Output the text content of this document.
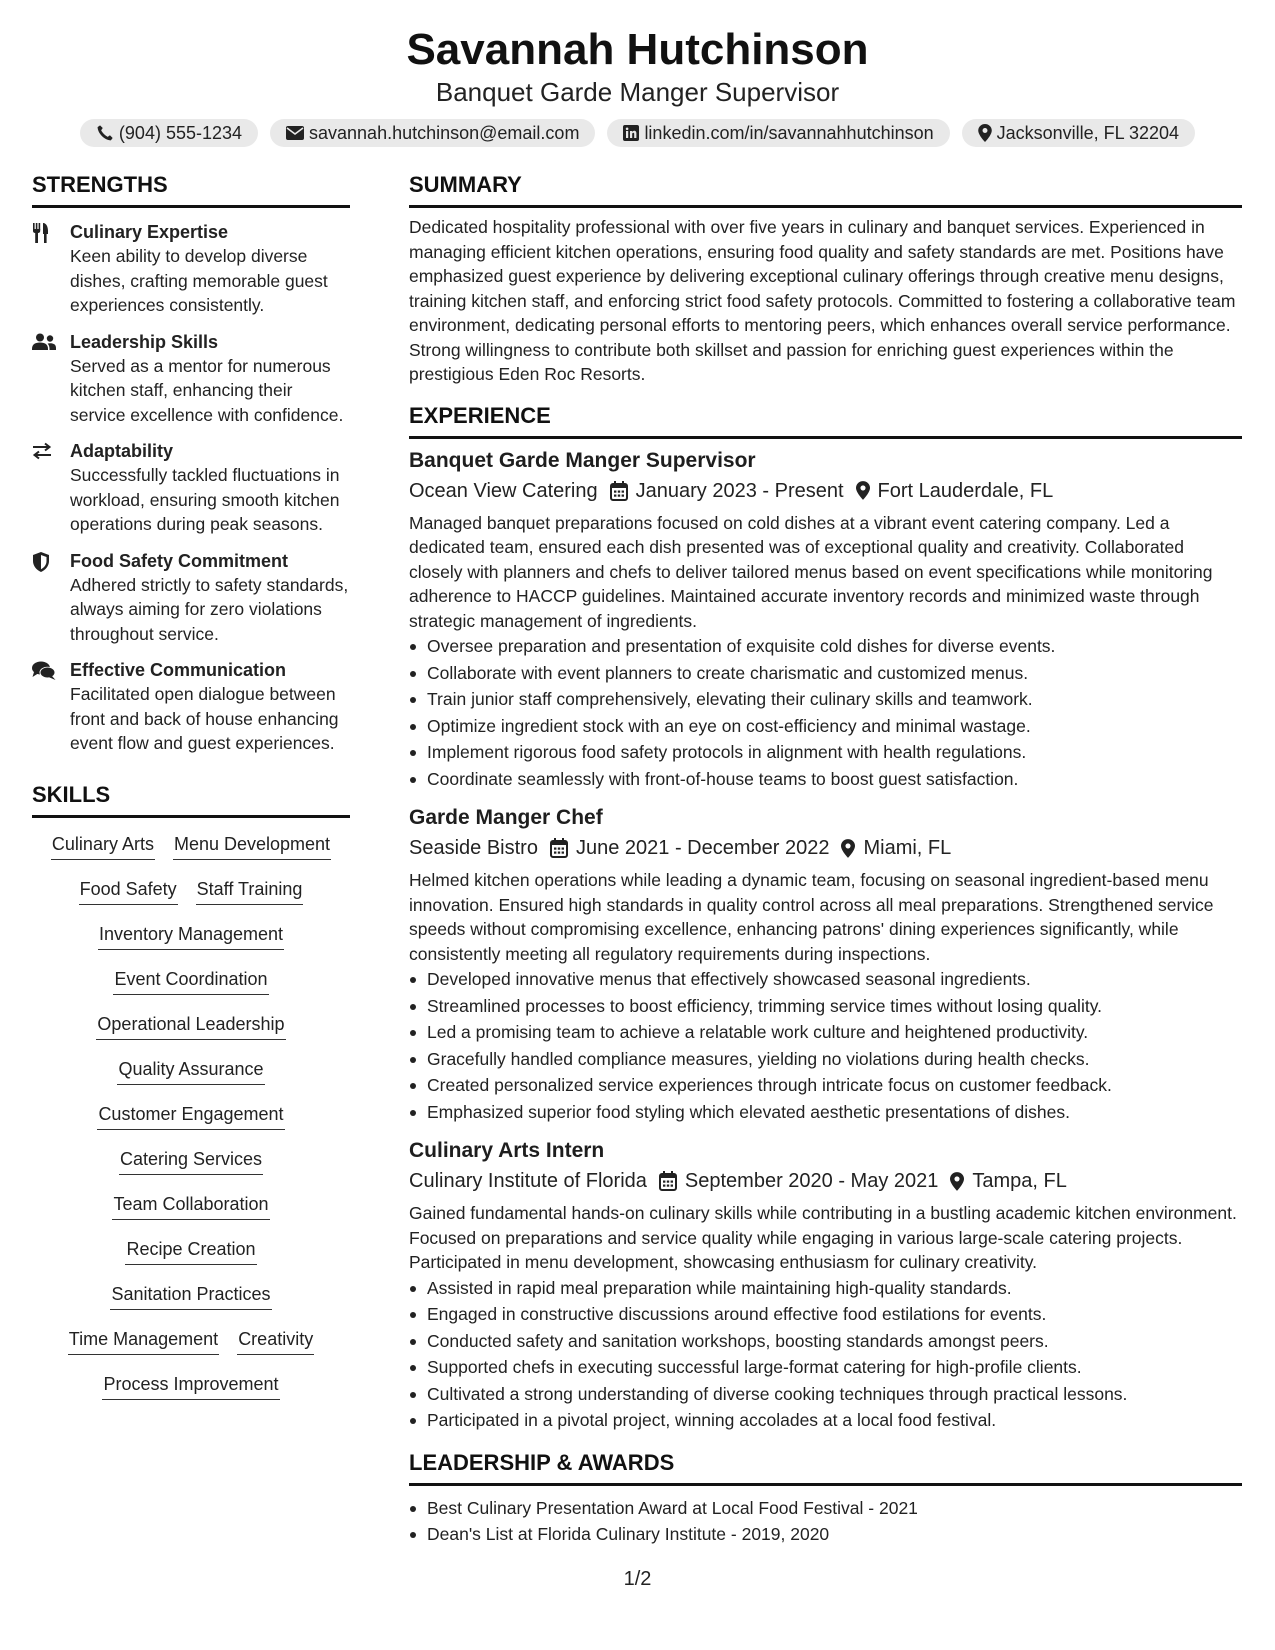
Savannah Hutchinson
Banquet Garde Manger Supervisor
(904) 555-1234	savannah.hutchinson@email.com	linkedin.com/in/savannahhutchinson	Jacksonville, FL 32204
STRENGTHS
Culinary Expertise
Keen ability to develop diverse dishes, crafting memorable guest experiences consistently.
Leadership Skills
Served as a mentor for numerous kitchen staff, enhancing their service excellence with confidence.
Adaptability
Successfully tackled fluctuations in workload, ensuring smooth kitchen operations during peak seasons.
Food Safety Commitment
Adhered strictly to safety standards, always aiming for zero violations throughout service.
Effective Communication
Facilitated open dialogue between front and back of house enhancing event flow and guest experiences.
SKILLS
Culinary Arts Menu Development
Food Safety Staff Training
Inventory Management
Event Coordination
Operational Leadership
Quality Assurance
Customer Engagement
Catering Services
Team Collaboration
Recipe Creation
Sanitation Practices
Time Management Creativity
Process Improvement
SUMMARY
Dedicated hospitality professional with over five years in culinary and banquet services. Experienced in managing efficient kitchen operations, ensuring food quality and safety standards are met. Positions have emphasized guest experience by delivering exceptional culinary offerings through creative menu designs, training kitchen staff, and enforcing strict food safety protocols. Committed to fostering a collaborative team environment, dedicating personal efforts to mentoring peers, which enhances overall service performance. Strong willingness to contribute both skillset and passion for enriching guest experiences within the prestigious Eden Roc Resorts.
EXPERIENCE
Banquet Garde Manger Supervisor
Ocean View Catering January 2023 - Present Fort Lauderdale, FL
Managed banquet preparations focused on cold dishes at a vibrant event catering company. Led a dedicated team, ensured each dish presented was of exceptional quality and creativity. Collaborated closely with planners and chefs to deliver tailored menus based on event specifications while monitoring adherence to HACCP guidelines. Maintained accurate inventory records and minimized waste through strategic management of ingredients.
Oversee preparation and presentation of exquisite cold dishes for diverse events.
Collaborate with event planners to create charismatic and customized menus.
Train junior staff comprehensively, elevating their culinary skills and teamwork.
Optimize ingredient stock with an eye on cost-efficiency and minimal wastage.
Implement rigorous food safety protocols in alignment with health regulations.
Coordinate seamlessly with front-of-house teams to boost guest satisfaction.
Garde Manger Chef
Seaside Bistro June 2021 - December 2022 Miami, FL
Helmed kitchen operations while leading a dynamic team, focusing on seasonal ingredient-based menu innovation. Ensured high standards in quality control across all meal preparations. Strengthened service speeds without compromising excellence, enhancing patrons' dining experiences significantly, while consistently meeting all regulatory requirements during inspections.
Developed innovative menus that effectively showcased seasonal ingredients.
Streamlined processes to boost efficiency, trimming service times without losing quality.
Led a promising team to achieve a relatable work culture and heightened productivity.
Gracefully handled compliance measures, yielding no violations during health checks.
Created personalized service experiences through intricate focus on customer feedback.
Emphasized superior food styling which elevated aesthetic presentations of dishes.
Culinary Arts Intern
Culinary Institute of Florida September 2020 - May 2021 Tampa, FL
Gained fundamental hands-on culinary skills while contributing in a bustling academic kitchen environment. Focused on preparations and service quality while engaging in various large-scale catering projects. Participated in menu development, showcasing enthusiasm for culinary creativity.
Assisted in rapid meal preparation while maintaining high-quality standards.
Engaged in constructive discussions around effective food estilations for events.
Conducted safety and sanitation workshops, boosting standards amongst peers.
Supported chefs in executing successful large-format catering for high-profile clients.
Cultivated a strong understanding of diverse cooking techniques through practical lessons.
Participated in a pivotal project, winning accolades at a local food festival.
LEADERSHIP & AWARDS
Best Culinary Presentation Award at Local Food Festival - 2021
Dean's List at Florida Culinary Institute - 2019, 2020
1/2
